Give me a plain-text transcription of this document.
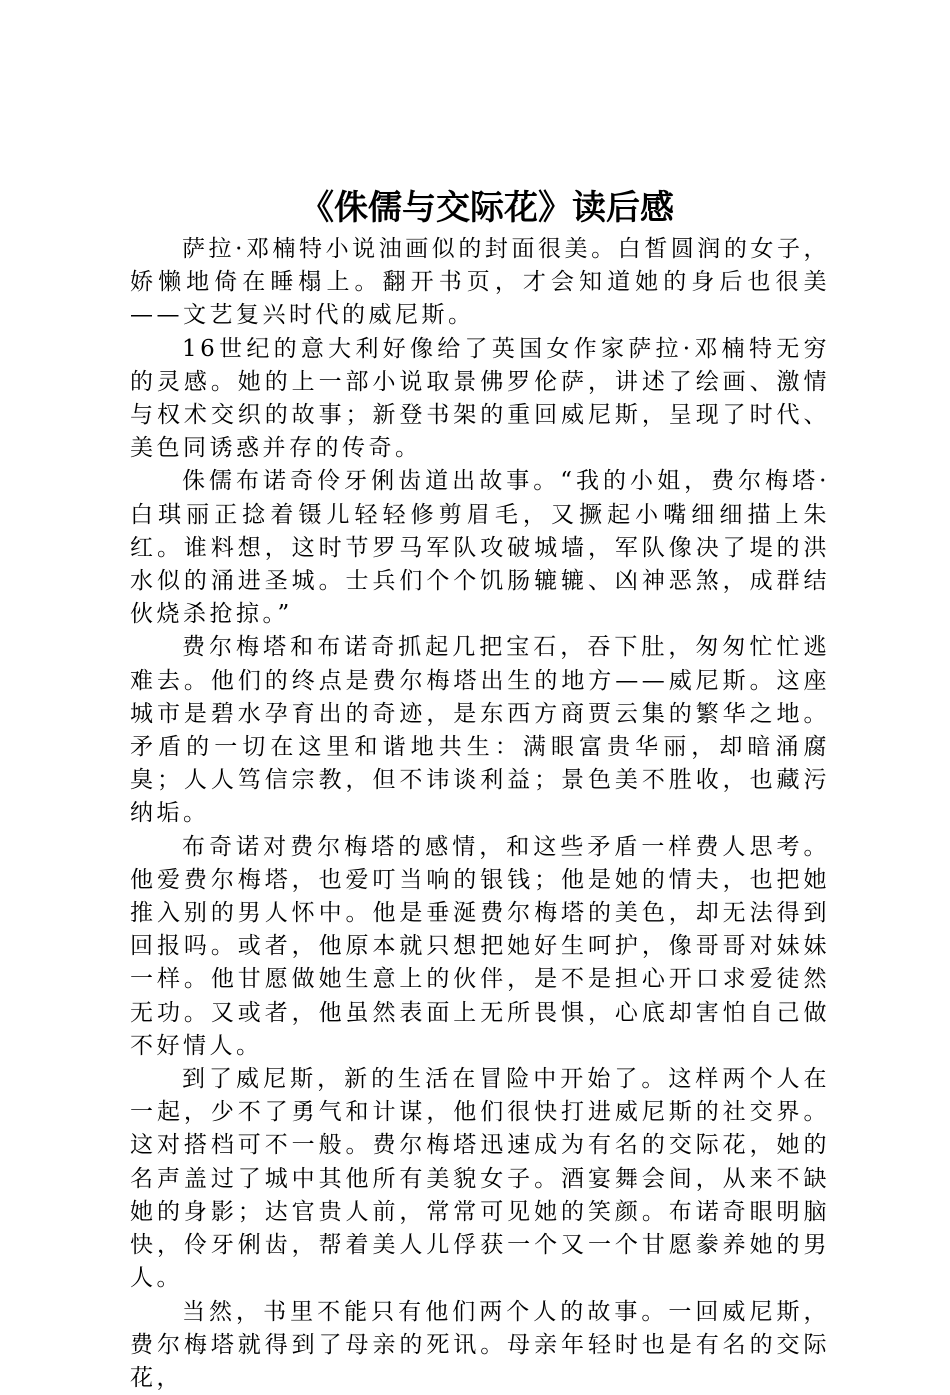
《侏儒与交际花》读后感

萨拉·邓楠特小说油画似的封面很美。白皙圆润的女子，娇懒地倚在睡榻上。翻开书页，才会知道她的身后也很美——文艺复兴时代的威尼斯。

16世纪的意大利好像给了英国女作家萨拉·邓楠特无穷的灵感。她的上一部小说取景佛罗伦萨，讲述了绘画、激情与权术交织的故事；新登书架的重回威尼斯，呈现了时代、美色同诱惑并存的传奇。

侏儒布诺奇伶牙俐齿道出故事。“我的小姐，费尔梅塔·白琪丽正捻着镊儿轻轻修剪眉毛，又撅起小嘴细细描上朱红。谁料想，这时节罗马军队攻破城墙，军队像决了堤的洪水似的涌进圣城。士兵们个个饥肠辘辘、凶神恶煞，成群结伙烧杀抢掠。”

费尔梅塔和布诺奇抓起几把宝石，吞下肚，匆匆忙忙逃难去。他们的终点是费尔梅塔出生的地方——威尼斯。这座城市是碧水孕育出的奇迹，是东西方商贾云集的繁华之地。矛盾的一切在这里和谐地共生：满眼富贵华丽，却暗涌腐臭；人人笃信宗教，但不讳谈利益；景色美不胜收，也藏污纳垢。

布奇诺对费尔梅塔的感情，和这些矛盾一样费人思考。他爱费尔梅塔，也爱叮当响的银钱；他是她的情夫，也把她推入别的男人怀中。他是垂涎费尔梅塔的美色，却无法得到回报吗。或者，他原本就只想把她好生呵护，像哥哥对妹妹一样。他甘愿做她生意上的伙伴，是不是担心开口求爱徒然无功。又或者，他虽然表面上无所畏惧，心底却害怕自己做不好情人。

到了威尼斯，新的生活在冒险中开始了。这样两个人在一起，少不了勇气和计谋，他们很快打进威尼斯的社交界。这对搭档可不一般。费尔梅塔迅速成为有名的交际花，她的名声盖过了城中其他所有美貌女子。酒宴舞会间，从来不缺她的身影；达官贵人前，常常可见她的笑颜。布诺奇眼明脑快，伶牙俐齿，帮着美人儿俘获一个又一个甘愿豢养她的男人。

当然，书里不能只有他们两个人的故事。一回威尼斯，费尔梅塔就得到了母亲的死讯。母亲年轻时也是有名的交际花，
